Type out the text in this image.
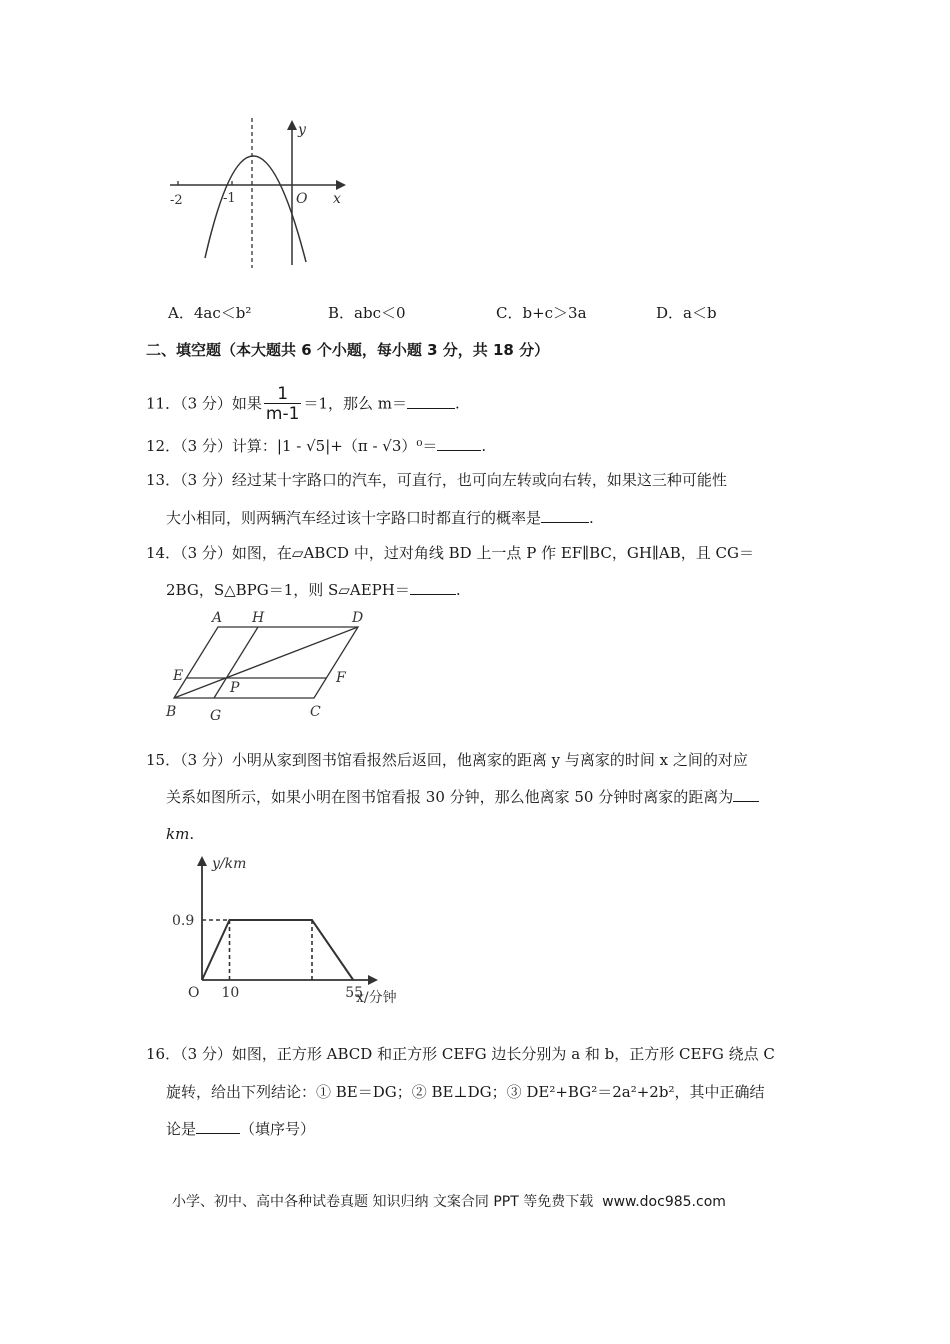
y
x
O
-2	-1
A．4ac＜b²	B．abc＜0	C．b+c＞3a	D．a＜b
二、填空题（本大题共 6 个小题，每小题 3 分，共 18 分）
11．（3 分）如果 $\frac{1}{m-1} =1$，那么 m＝	.
12．（3 分）计算：|1 - √5|+（π - √3）⁰＝	.
13．（3 分）经过某十字路口的汽车，可直行，也可向左转或向右转，如果这三种可能性
大小相同，则两辆汽车经过该十字路口时都直行的概率是	.
14．（3 分）如图，在▱ABCD 中，过对角线 BD 上一点 P 作 EF∥BC，GH∥AB，且 CG＝
2BG，S△BPG＝1，则 S▱AEPH＝	.
A H	D
E
P
F
B G	C
15．（3 分）小明从家到图书馆看报然后返回，他离家的距离 y 与离家的时间 x 之间的对应
关系如图所示，如果小明在图书馆看报 30 分钟，那么他离家 50 分钟时离家的距离为
km.
y/km
x/分钟
O 10	55
0.9
16．（3 分）如图，正方形 ABCD 和正方形 CEFG 边长分别为 a 和 b，正方形 CEFG 绕点 C
旋转，给出下列结论：① BE＝DG；② BE⊥DG；③ DE²+BG²＝2a²+2b²，其中正确结
论是	（填序号）
小学、初中、高中各种试卷真题 知识归纳 文案合同 PPT 等免费下载 www.doc985.com
